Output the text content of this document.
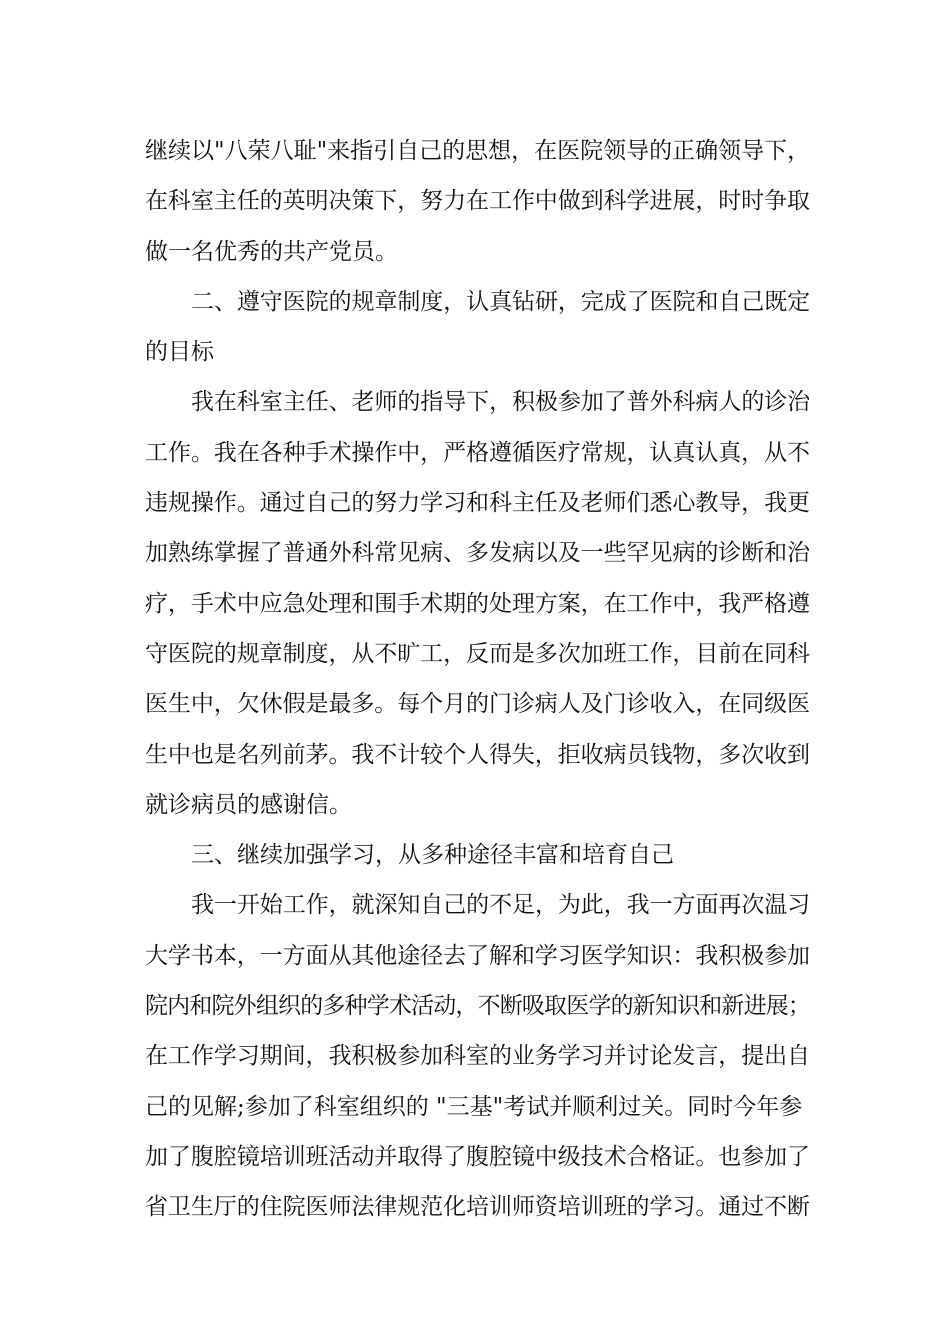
继续以"八荣八耻"来指引自己的思想，在医院领导的正确领导下，
在科室主任的英明决策下，努力在工作中做到科学进展，时时争取
做一名优秀的共产党员。
二、遵守医院的规章制度，认真钻研，完成了医院和自己既定
的目标
我在科室主任、老师的指导下，积极参加了普外科病人的诊治
工作。我在各种手术操作中，严格遵循医疗常规，认真认真，从不
违规操作。通过自己的努力学习和科主任及老师们悉心教导，我更
加熟练掌握了普通外科常见病、多发病以及一些罕见病的诊断和治
疗，手术中应急处理和围手术期的处理方案，在工作中，我严格遵
守医院的规章制度，从不旷工，反而是多次加班工作，目前在同科
医生中，欠休假是最多。每个月的门诊病人及门诊收入，在同级医
生中也是名列前茅。我不计较个人得失，拒收病员钱物，多次收到
就诊病员的感谢信。
三、继续加强学习，从多种途径丰富和培育自己
我一开始工作，就深知自己的不足，为此，我一方面再次温习
大学书本，一方面从其他途径去了解和学习医学知识：我积极参加
院内和院外组织的多种学术活动，不断吸取医学的新知识和新进展；
在工作学习期间，我积极参加科室的业务学习并讨论发言，提出自
己的见解;参加了科室组织的 "三基"考试并顺利过关。同时今年参
加了腹腔镜培训班活动并取得了腹腔镜中级技术合格证。也参加了
省卫生厅的住院医师法律规范化培训师资培训班的学习。通过不断
